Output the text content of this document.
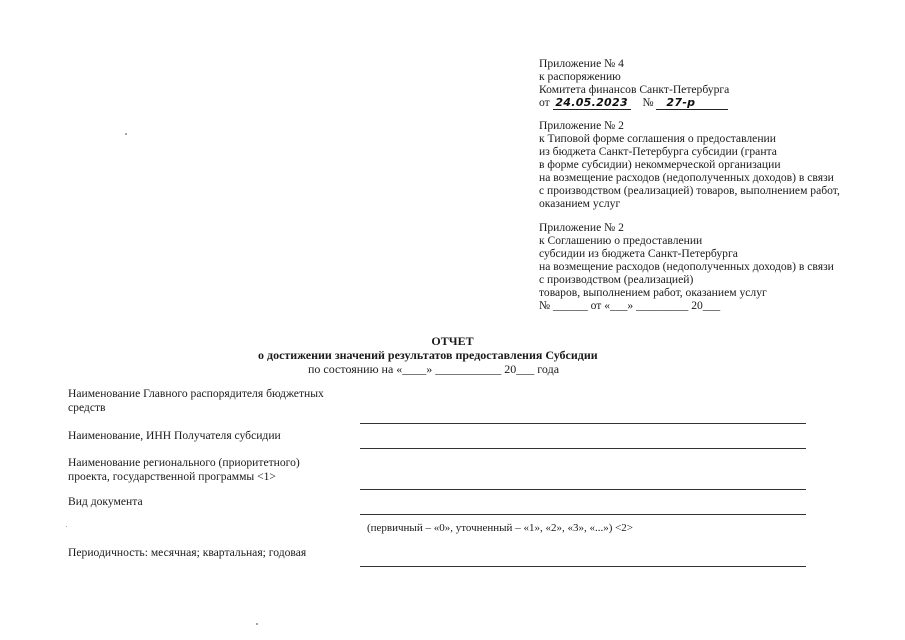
Приложение № 4
к распоряжению
Комитета финансов Санкт-Петербурга
от 24.05.2023 № 27-р
Приложение № 2
к Типовой форме соглашения о предоставлении
из бюджета Санкт-Петербурга субсидии (гранта
в форме субсидии) некоммерческой организации
на возмещение расходов (недополученных доходов) в связи
с производством (реализацией) товаров, выполнением работ,
оказанием услуг
Приложение № 2
к Соглашению о предоставлении
субсидии из бюджета Санкт-Петербурга
на возмещение расходов (недополученных доходов) в связи
с производством (реализацией)
товаров, выполнением работ, оказанием услуг
№ ______ от «___» _________ 20___
ОТЧЕТ
о достижении значений результатов предоставления Субсидии
по состоянию на «____» ___________ 20___ года
Наименование Главного распорядителя бюджетных
средств
Наименование, ИНН Получателя субсидии
Наименование регионального (приоритетного)
проекта, государственной программы <1>
Вид документа
(первичный – «0», уточненный – «1», «2», «3», «...») <2>
Периодичность: месячная; квартальная; годовая
